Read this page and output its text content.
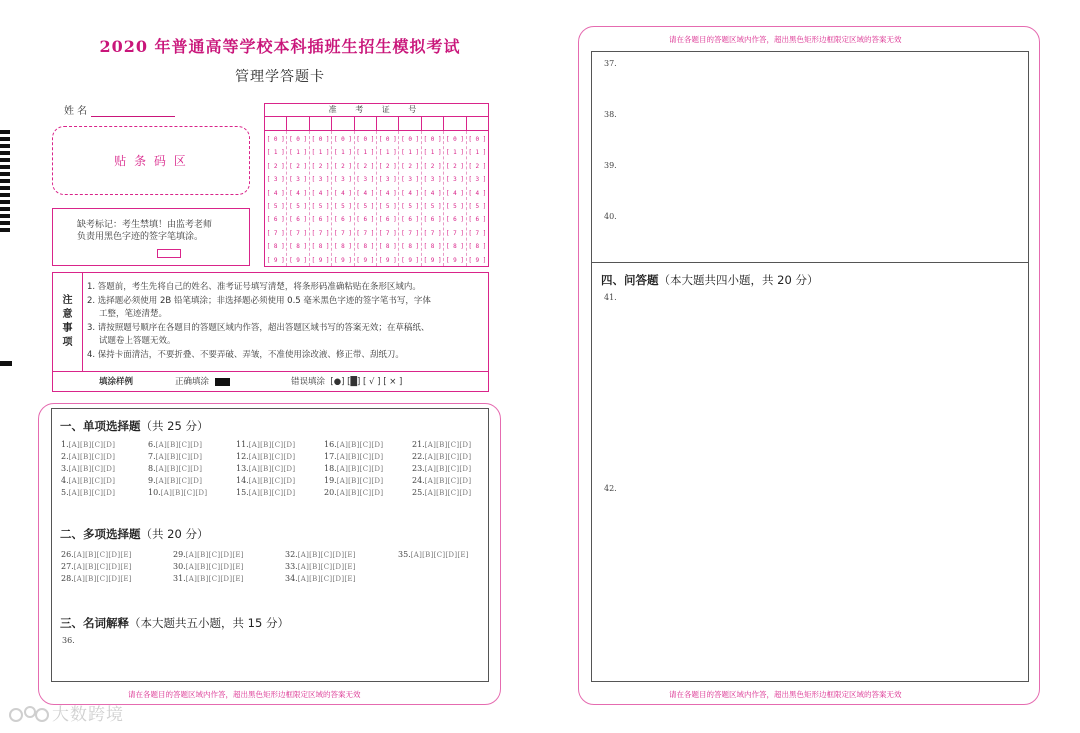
2020 年普通高等学校本科插班生招生模拟考试
管理学答题卡
姓 名
贴 条 码 区
缺考标记：考生禁填！由监考老师
负责用黑色字迹的签字笔填涂。
准 考 证 号
[ 0 ]
[ 1 ]
[ 2 ]
[ 3 ]
[ 4 ]
[ 5 ]
[ 6 ]
[ 7 ]
[ 8 ]
[ 9 ]
[ 0 ]
[ 1 ]
[ 2 ]
[ 3 ]
[ 4 ]
[ 5 ]
[ 6 ]
[ 7 ]
[ 8 ]
[ 9 ]
[ 0 ]
[ 1 ]
[ 2 ]
[ 3 ]
[ 4 ]
[ 5 ]
[ 6 ]
[ 7 ]
[ 8 ]
[ 9 ]
[ 0 ]
[ 1 ]
[ 2 ]
[ 3 ]
[ 4 ]
[ 5 ]
[ 6 ]
[ 7 ]
[ 8 ]
[ 9 ]
[ 0 ]
[ 1 ]
[ 2 ]
[ 3 ]
[ 4 ]
[ 5 ]
[ 6 ]
[ 7 ]
[ 8 ]
[ 9 ]
[ 0 ]
[ 1 ]
[ 2 ]
[ 3 ]
[ 4 ]
[ 5 ]
[ 6 ]
[ 7 ]
[ 8 ]
[ 9 ]
[ 0 ]
[ 1 ]
[ 2 ]
[ 3 ]
[ 4 ]
[ 5 ]
[ 6 ]
[ 7 ]
[ 8 ]
[ 9 ]
[ 0 ]
[ 1 ]
[ 2 ]
[ 3 ]
[ 4 ]
[ 5 ]
[ 6 ]
[ 7 ]
[ 8 ]
[ 9 ]
[ 0 ]
[ 1 ]
[ 2 ]
[ 3 ]
[ 4 ]
[ 5 ]
[ 6 ]
[ 7 ]
[ 8 ]
[ 9 ]
[ 0 ]
[ 1 ]
[ 2 ]
[ 3 ]
[ 4 ]
[ 5 ]
[ 6 ]
[ 7 ]
[ 8 ]
[ 9 ]
注
意
事
项
1. 答题前，考生先将自己的姓名、准考证号填写清楚，将条形码准确粘贴在条形区域内。
2. 选择题必须使用 2B 铅笔填涂；非选择题必须使用 0.5 毫米黑色字迹的签字笔书写，字体
工整，笔迹清楚。
3. 请按照题号顺序在各题目的答题区域内作答，超出答题区域书写的答案无效；在草稿纸、
试题卷上答题无效。
4. 保持卡面清洁，不要折叠、不要弄破、弄皱，不准使用涂改液、修正带、刮纸刀。
填涂样例	正确填涂	错误填涂 [●] [█] [ √ ] [ × ]
请在各题目的答题区域内作答，超出黑色矩形边框限定区域的答案无效
一、单项选择题（共 25 分）
1.[A][B][C][D]
2.[A][B][C][D]
3.[A][B][C][D]
4.[A][B][C][D]
5.[A][B][C][D]
6.[A][B][C][D]
7.[A][B][C][D]
8.[A][B][C][D]
9.[A][B][C][D]
10.[A][B][C][D]
11.[A][B][C][D]
12.[A][B][C][D]
13.[A][B][C][D]
14.[A][B][C][D]
15.[A][B][C][D]
16.[A][B][C][D]
17.[A][B][C][D]
18.[A][B][C][D]
19.[A][B][C][D]
20.[A][B][C][D]
21.[A][B][C][D]
22.[A][B][C][D]
23.[A][B][C][D]
24.[A][B][C][D]
25.[A][B][C][D]
二、多项选择题（共 20 分）
26.[A][B][C][D][E]
27.[A][B][C][D][E]
28.[A][B][C][D][E]
29.[A][B][C][D][E]
30.[A][B][C][D][E]
31.[A][B][C][D][E]
32.[A][B][C][D][E]
33.[A][B][C][D][E]
34.[A][B][C][D][E]
35.[A][B][C][D][E]
三、名词解释（本大题共五小题，共 15 分）
36.
请在各题目的答题区域内作答，超出黑色矩形边框限定区域的答案无效
请在各题目的答题区域内作答，超出黑色矩形边框限定区域的答案无效
37.
38.
39.
40.
四、问答题（本大题共四小题，共 20 分）
41.
42.
大数跨境
